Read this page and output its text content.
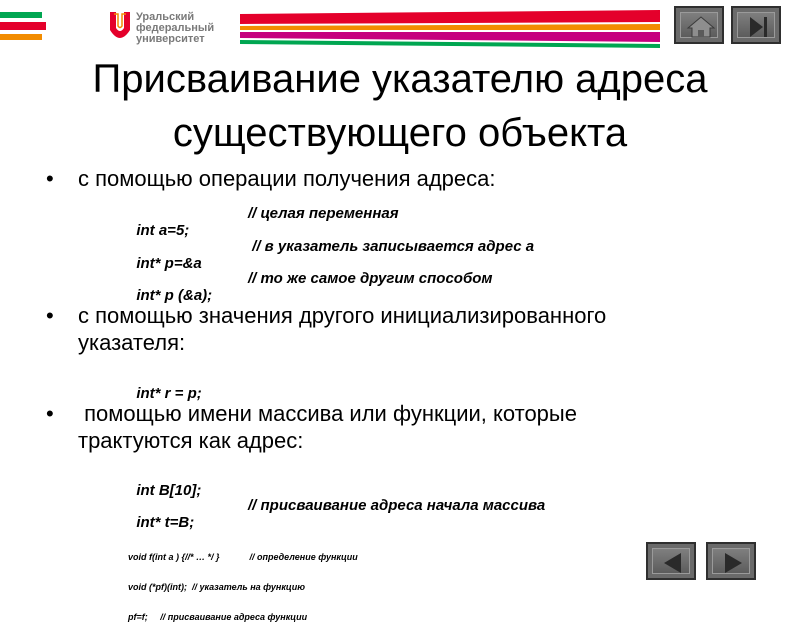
Уральский
федеральный
университет
Присваивание указателю адреса
существующего объекта
• с помощью операции получения адреса:

int a=5;

// целая переменная

int* p=&a

// в указатель записывается адрес a

int* p (&a);

// то же самое другим способом

• с помощью значения другого инициализированного
указателя:

int* r = p;

• помощью имени массива или функции, которые
трактуются как адрес:

int B[10];

int* t=B;

// присваивание адреса начала массива

void f(int a ) {//* … */ }            // определение функции

void (*pf)(int);  // указатель на функцию

pf=f;     // присваивание адреса функции
